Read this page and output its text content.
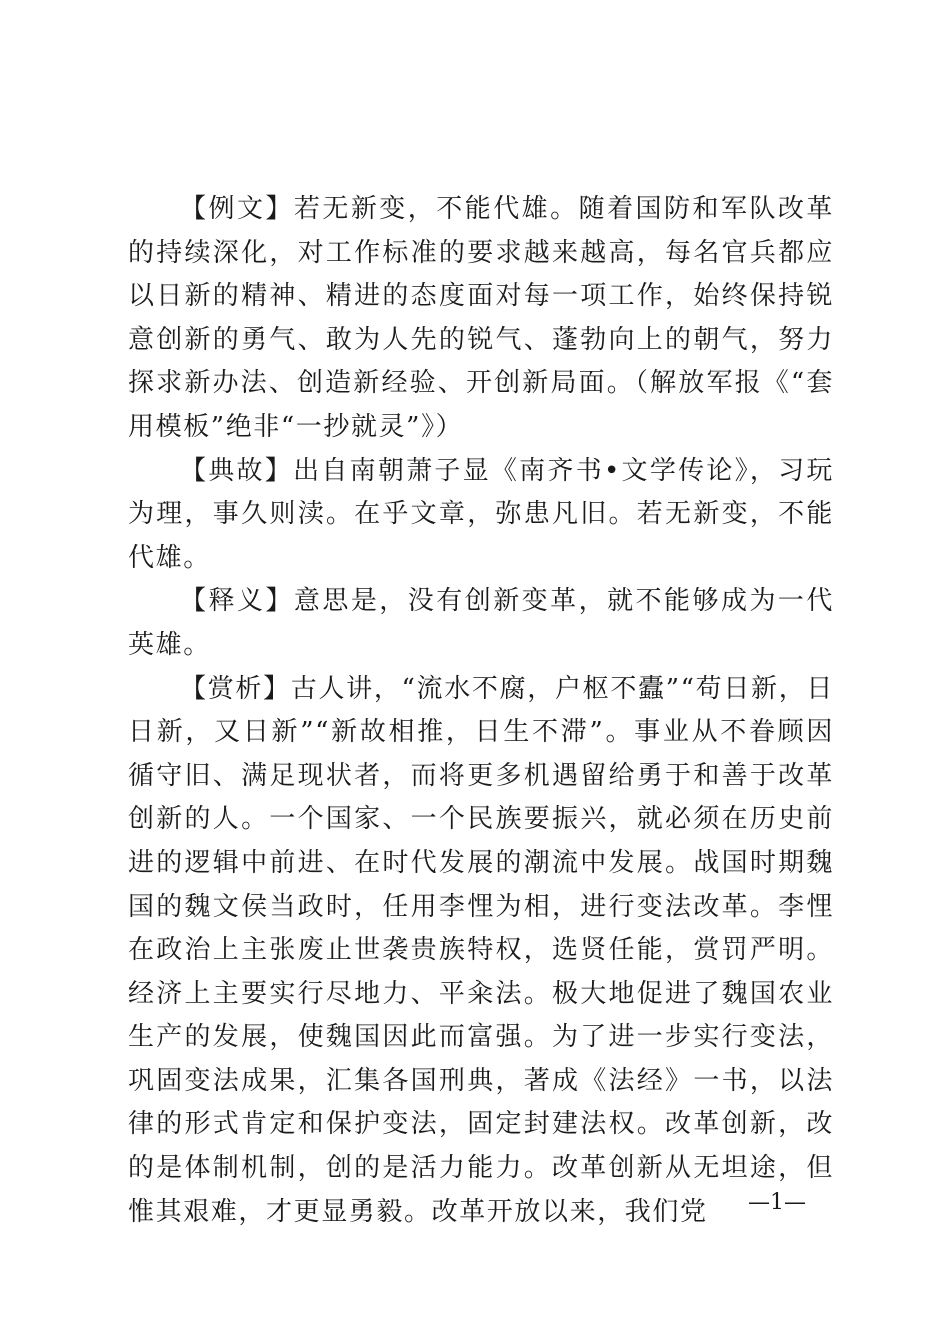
【例文】若无新变，不能代雄。随着国防和军队改革的持续深化，对工作标准的要求越来越高，每名官兵都应以日新的精神、精进的态度面对每一项工作，始终保持锐意创新的勇气、敢为人先的锐气、蓬勃向上的朝气，努力探求新办法、创造新经验、开创新局面。（解放军报《“套用模板”绝非“一抄就灵”》）

【典故】出自南朝萧子显《南齐书•文学传论》，习玩为理，事久则渎。在乎文章，弥患凡旧。若无新变，不能代雄。

【释义】意思是，没有创新变革，就不能够成为一代英雄。

【赏析】古人讲，“流水不腐，户枢不蠹”“苟日新，日日新，又日新”“新故相推，日生不滞”。事业从不眷顾因循守旧、满足现状者，而将更多机遇留给勇于和善于改革创新的人。一个国家、一个民族要振兴，就必须在历史前进的逻辑中前进、在时代发展的潮流中发展。战国时期魏国的魏文侯当政时，任用李悝为相，进行变法改革。李悝在政治上主张废止世袭贵族特权，选贤任能，赏罚严明。经济上主要实行尽地力、平籴法。极大地促进了魏国农业生产的发展，使魏国因此而富强。为了进一步实行变法，巩固变法成果，汇集各国刑典，著成《法经》一书，以法律的形式肯定和保护变法，固定封建法权。改革创新，改的是体制机制，创的是活力能力。改革创新从无坦途，但惟其艰难，才更显勇毅。改革开放以来，我们党	—1—
